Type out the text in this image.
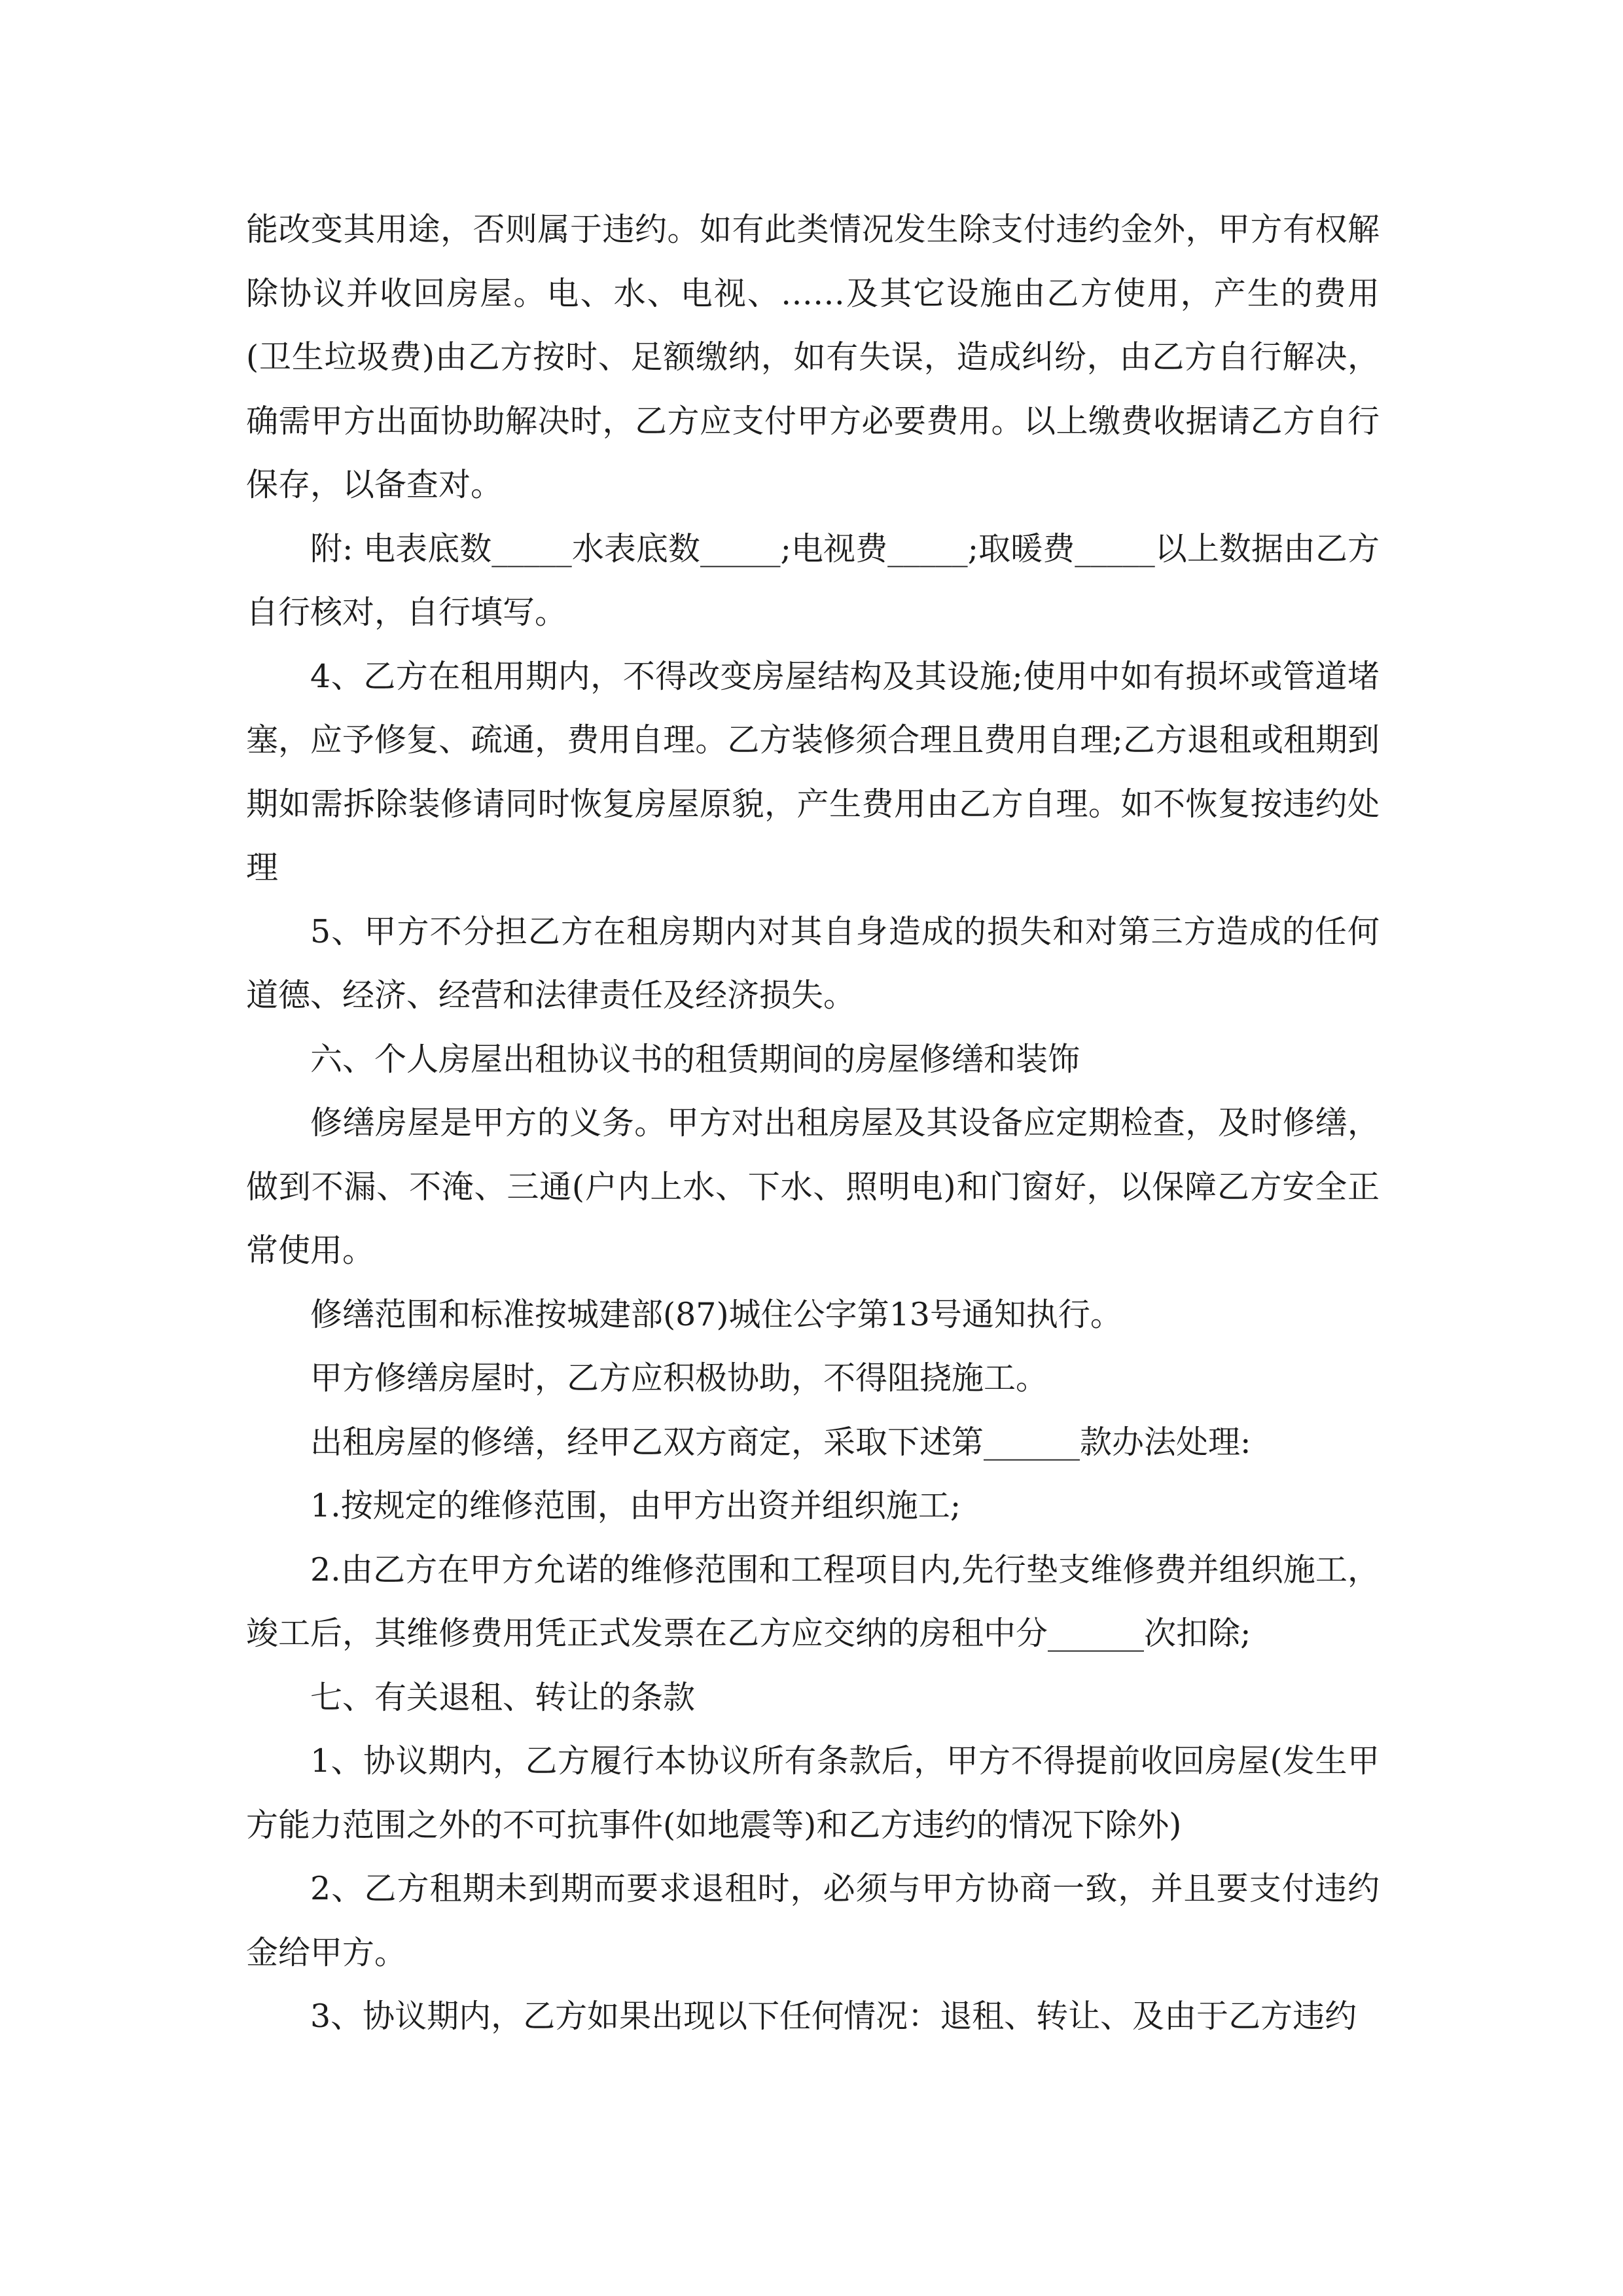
能改变其用途，否则属于违约。如有此类情况发生除支付违约金外，甲方有权解除协议并收回房屋。电、水、电视、……及其它设施由乙方使用，产生的费用(卫生垃圾费)由乙方按时、足额缴纳，如有失误，造成纠纷，由乙方自行解决，确需甲方出面协助解决时，乙方应支付甲方必要费用。以上缴费收据请乙方自行保存，以备查对。

附: 电表底数_____水表底数_____;电视费_____;取暖费_____以上数据由乙方自行核对，自行填写。

4、乙方在租用期内，不得改变房屋结构及其设施;使用中如有损坏或管道堵塞，应予修复、疏通，费用自理。乙方装修须合理且费用自理;乙方退租或租期到期如需拆除装修请同时恢复房屋原貌，产生费用由乙方自理。如不恢复按违约处理

5、甲方不分担乙方在租房期内对其自身造成的损失和对第三方造成的任何道德、经济、经营和法律责任及经济损失。

六、个人房屋出租协议书的租赁期间的房屋修缮和装饰

修缮房屋是甲方的义务。甲方对出租房屋及其设备应定期检查，及时修缮，做到不漏、不淹、三通(户内上水、下水、照明电)和门窗好，以保障乙方安全正常使用。

修缮范围和标准按城建部(87)城住公字第13号通知执行。

甲方修缮房屋时，乙方应积极协助，不得阻挠施工。

出租房屋的修缮，经甲乙双方商定，采取下述第______款办法处理:

1.按规定的维修范围，由甲方出资并组织施工;

2.由乙方在甲方允诺的维修范围和工程项目内,先行垫支维修费并组织施工，竣工后，其维修费用凭正式发票在乙方应交纳的房租中分______次扣除;

七、有关退租、转让的条款

1、协议期内，乙方履行本协议所有条款后，甲方不得提前收回房屋(发生甲方能力范围之外的不可抗事件(如地震等)和乙方违约的情况下除外)

2、乙方租期未到期而要求退租时，必须与甲方协商一致，并且要支付违约金给甲方。

3、协议期内，乙方如果出现以下任何情况：退租、转让、及由于乙方违约
